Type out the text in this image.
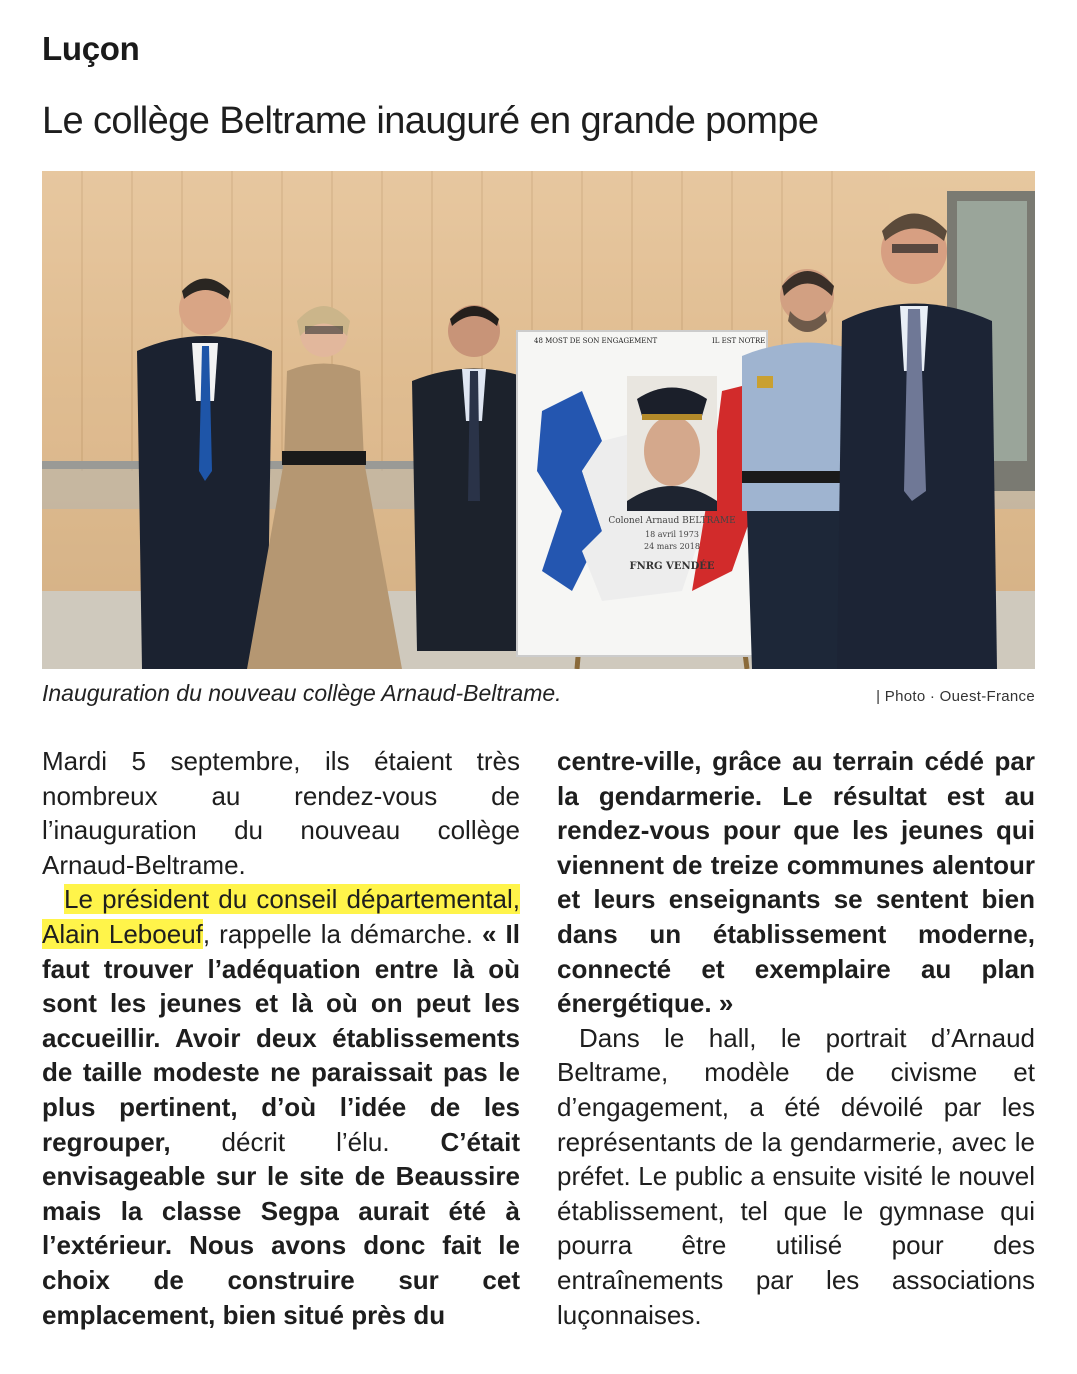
Luçon
Le collège Beltrame inauguré en grande pompe
48 MOST DE SON ENGAGEMENT	IL EST NOTRE
Colonel Arnaud BELTRAME
18 avril 1973
24 mars 2018
FNRG VENDÉE
Inauguration du nouveau collège Arnaud-Beltrame.	| Photo · Ouest-France

Mardi 5 septembre, ils étaient très nombreux au rendez-vous de l’inauguration du nouveau collège Arnaud-Beltrame.

Le président du conseil départemental, Alain Leboeuf, rappelle la démarche. « Il faut trouver l’adéquation entre là où sont les jeunes et là où on peut les accueillir. Avoir deux établissements de taille modeste ne paraissait pas le plus pertinent, d’où l’idée de les regrouper, décrit l’élu. C’était envisageable sur le site de Beaussire mais la classe Segpa aurait été à l’extérieur. Nous avons donc fait le choix de construire sur cet emplacement, bien situé près du

centre-ville, grâce au terrain cédé par la gendarmerie. Le résultat est au rendez-vous pour que les jeunes qui viennent de treize communes alentour et leurs enseignants se sentent bien dans un établissement moderne, connecté et exemplaire au plan énergétique. »

Dans le hall, le portrait d’Arnaud Beltrame, modèle de civisme et d’engagement, a été dévoilé par les représentants de la gendarmerie, avec le préfet. Le public a ensuite visité le nouvel établissement, tel que le gymnase qui pourra être utilisé pour des entraînements par les associations luçonnaises.
